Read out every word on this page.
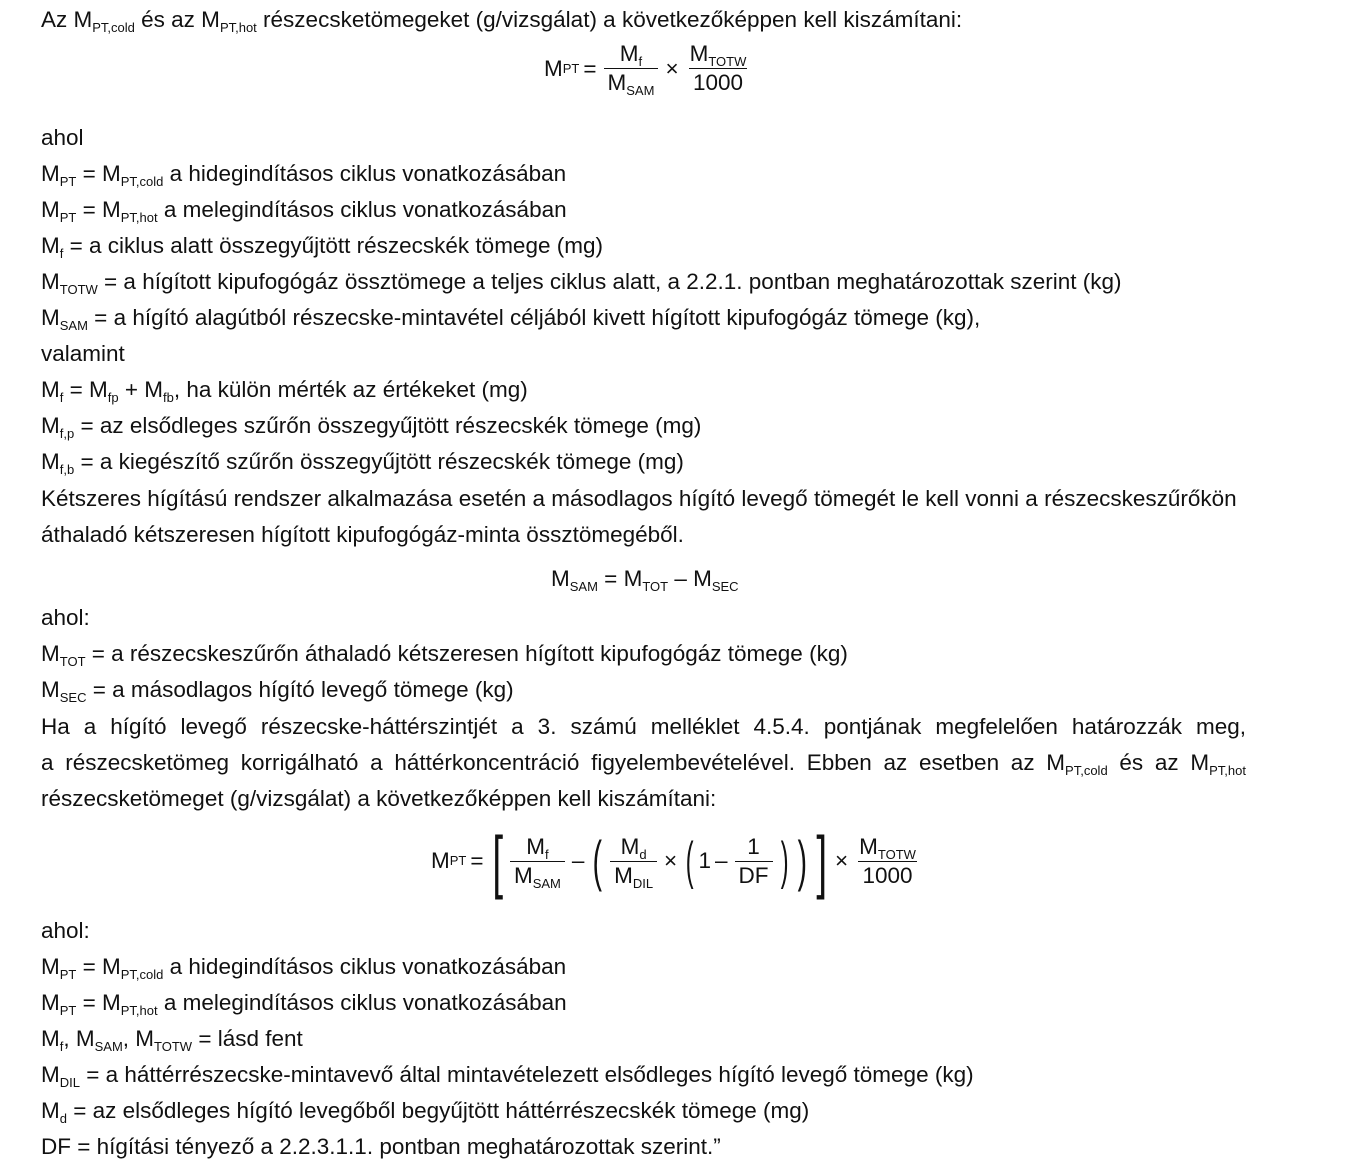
Az $M_{PT,cold}$ és az $M_{PT,hot}$ részecsketömegeket (g/vizsgálat) a következőképpen kell kiszámítani:
M PT = $\frac{M_f}{M_{SAM}} \times \frac{M_{TOTW}}{1000}$
ahol
$M_{PT} = M_{PT,cold}$ a hidegindításos ciklus vonatkozásában
$M_{PT} = M_{PT,hot}$ a melegindításos ciklus vonatkozásában
$M_f = a$ ciklus alatt összegyűjtött részecskék tömege (mg)
$M_{TOTW} = a$ hígított kipufogógáz össztömege a teljes ciklus alatt, a 2.2.1. pontban meghatározottak szerint (kg)
$M_{SAM} = a$ hígító alagútból részecske-mintavétel céljából kivett hígított kipufogógáz tömege (kg),
valamint
$M_f = M_{fp} + M_{fb}$, ha külön mérték az értékeket (mg)
$M_{f,p}$ = az elsődleges szűrőn összegyűjtött részecskék tömege (mg)
$M_{f,b} = a$ kiegészítő szűrőn összegyűjtött részecskék tömege (mg)
Kétszeres hígítású rendszer alkalmazása esetén a másodlagos hígító levegő tömegét le kell vonni a részecskeszűrőkön
áthaladó kétszeresen hígított kipufogógáz-minta össztömegéből.
$M_{SAM} = M_{TOT} - M_{SEC}$
ahol:
$M_{TOT} = a$ részecskeszűrőn áthaladó kétszeresen hígított kipufogógáz tömege (kg)
$M_{SEC} = a$ másodlagos hígító levegő tömege (kg)
Ha a hígító levegő részecske-háttérszintjét a 3. számú melléklet 4.5.4. pontjának megfelelően határozzák meg,
a részecsketömeg korrigálható a háttérkoncentráció figyelembevételével. Ebben az esetben az $M_{PT,cold}$ és az $M_{PT,hot}$
részecsketömeget (g/vizsgálat) a következőképpen kell kiszámítani:
M PT = [ $\frac{M_f}{M_{SAM}}$ – ( $\frac{M_d}{M_{DIL}}$ × ( $1 - \frac{1}{DF}$ ) ) ] × $\frac{M_{TOTW}}{1000}$
ahol:
$M_{PT} = M_{PT,cold}$ a hidegindításos ciklus vonatkozásában
$M_{PT} = M_{PT,hot}$ a melegindításos ciklus vonatkozásában
$M_f$, $M_{SAM}$, $M_{TOTW}$ = lásd fent
$M_{DIL} = a$ háttérrészecske-mintavevő által mintavételezett elsődleges hígító levegő tömege (kg)
$M_d$ = az elsődleges hígító levegőből begyűjtött háttérrészecskék tömege (mg)
DF = hígítási tényező a 2.2.3.1.1. pontban meghatározottak szerint.”
